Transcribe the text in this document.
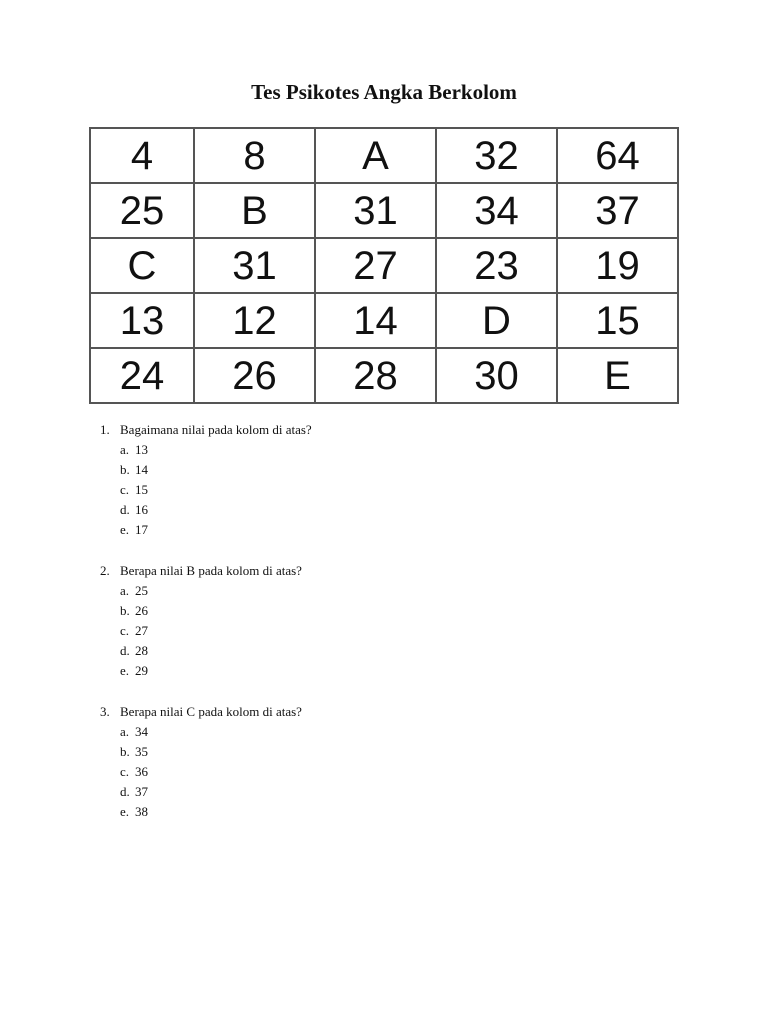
Tes Psikotes Angka Berkolom
4	8	A	32	64
25	B	31	34	37
C	31	27	23	19
13	12	14	D	15
24	26	28	30	E
1. Bagaimana nilai pada kolom di atas?
a. 13
b. 14
c. 15
d. 16
e. 17
2. Berapa nilai B pada kolom di atas?
a. 25
b. 26
c. 27
d. 28
e. 29
3. Berapa nilai C pada kolom di atas?
a. 34
b. 35
c. 36
d. 37
e. 38
